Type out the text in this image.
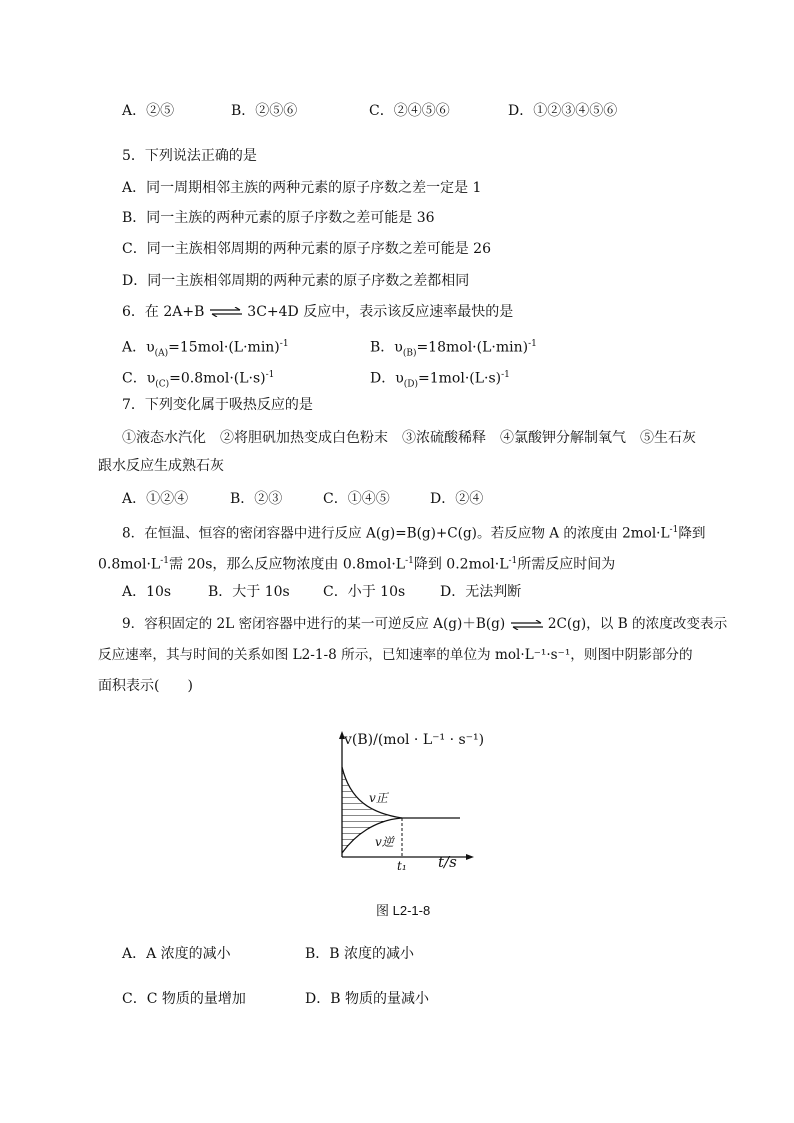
A．②⑤	B．②⑤⑥	C．②④⑤⑥	D．①②③④⑤⑥
5．下列说法正确的是
A．同一周期相邻主族的两种元素的原子序数之差一定是 1
B．同一主族的两种元素的原子序数之差可能是 36
C．同一主族相邻周期的两种元素的原子序数之差可能是 26
D．同一主族相邻周期的两种元素的原子序数之差都相同
6．在 2A+B ⇌ 3C+4D 反应中，表示该反应速率最快的是
A．$\upsilon_{(A)}=15mol\cdot(L\cdot\min)^{-1}$	B．$\upsilon_{(B)}=18mol\cdot(L\cdot\min)^{-1}$
C．$\upsilon_{(C)}=0.8mol\cdot(L\cdot s)^{-1}$	D．$\upsilon_{(D)}=1mol\cdot(L\cdot s)^{-1}$
7．下列变化属于吸热反应的是
①液态水汽化　②将胆矾加热变成白色粉末　③浓硫酸稀释　④氯酸钾分解制氧气　⑤生石灰
跟水反应生成熟石灰
A．①②④	B．②③	C．①④⑤	D．②④
8．在恒温、恒容的密闭容器中进行反应 A(g)=B(g)+C(g)。若反应物 A 的浓度由 $2mol\cdot L^{-1}$降到
$0.8mol\cdot L^{-1}$需 20s，那么反应物浓度由 $0.8mol\cdot L^{-1}$降到 $0.2mol\cdot L^{-1}$所需反应时间为
A．10s	B．大于 10s C．小于 10s D．无法判断
9．容积固定的 2L 密闭容器中进行的某一可逆反应 A(g)＋B(g) ⇌ 2C(g)，以 B 的浓度改变表示
反应速率，其与时间的关系如图 L2-1-8 所示，已知速率的单位为 mol·L⁻¹·s⁻¹，则图中阴影部分的
面积表示(　　)
v(B)/(mol · L⁻¹ · s⁻¹)
v正
v逆
t₁ t/s
图 L2-1-8
A．A 浓度的减小	B．B 浓度的减小
C．C 物质的量增加	D．B 物质的量减小
